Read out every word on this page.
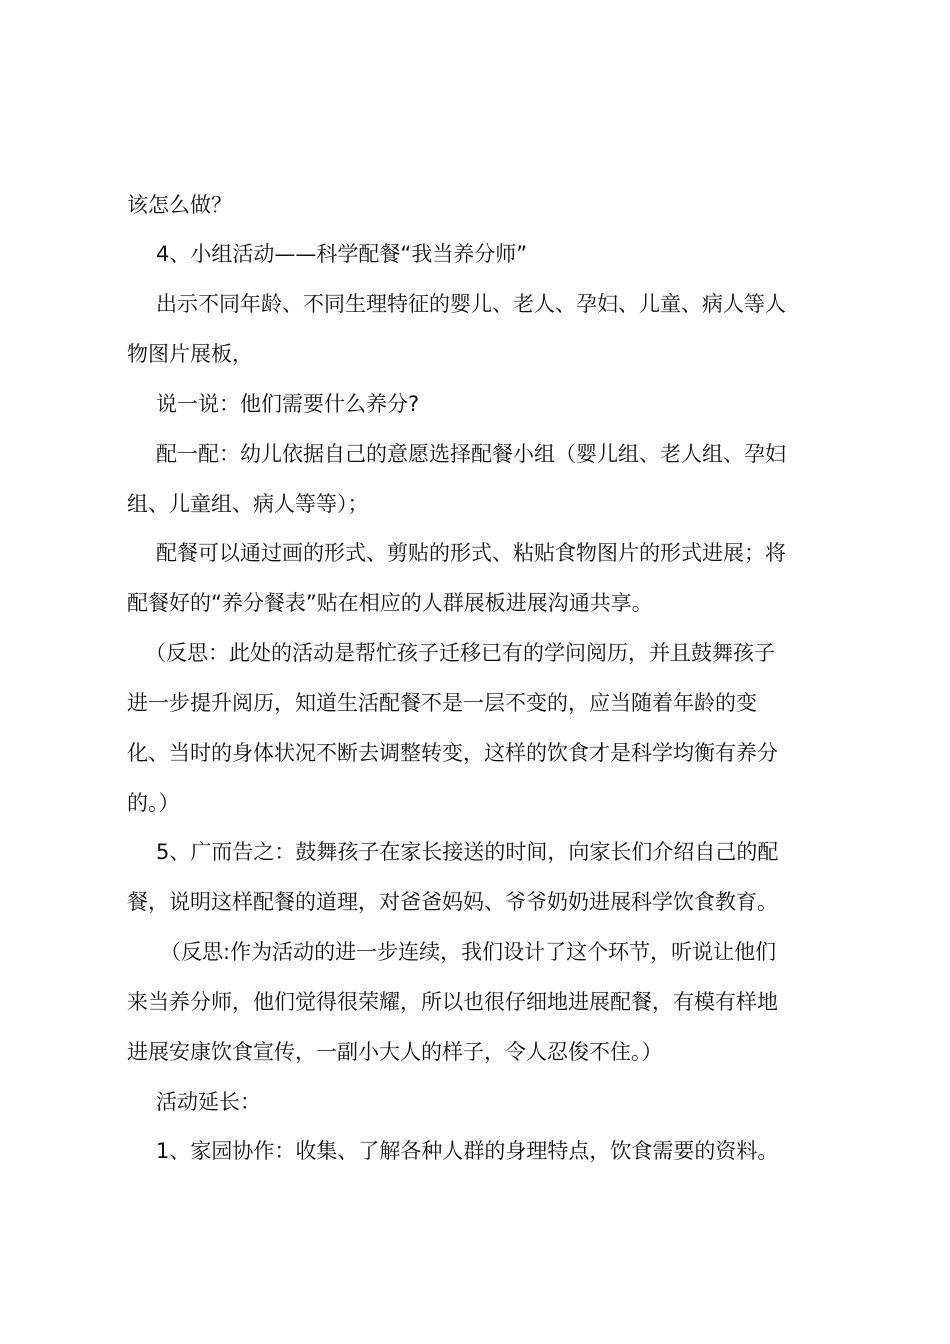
该怎么做？
4、小组活动——科学配餐“我当养分师”
出示不同年龄、不同生理特征的婴儿、老人、孕妇、儿童、病人等人
物图片展板，
说一说：他们需要什么养分?
配一配：幼儿依据自己的意愿选择配餐小组（婴儿组、老人组、孕妇
组、儿童组、病人等等）；
配餐可以通过画的形式、剪贴的形式、粘贴食物图片的形式进展；将
配餐好的“养分餐表”贴在相应的人群展板进展沟通共享。
（反思：此处的活动是帮忙孩子迁移已有的学问阅历，并且鼓舞孩子
进一步提升阅历，知道生活配餐不是一层不变的，应当随着年龄的变
化、当时的身体状况不断去调整转变，这样的饮食才是科学均衡有养分
的。）
5、广而告之：鼓舞孩子在家长接送的时间，向家长们介绍自己的配
餐，说明这样配餐的道理，对爸爸妈妈、爷爷奶奶进展科学饮食教育。
（反思:作为活动的进一步连续，我们设计了这个环节，听说让他们
来当养分师，他们觉得很荣耀，所以也很仔细地进展配餐，有模有样地
进展安康饮食宣传，一副小大人的样子，令人忍俊不住。）
活动延长：
1、家园协作：收集、了解各种人群的身理特点，饮食需要的资料。
